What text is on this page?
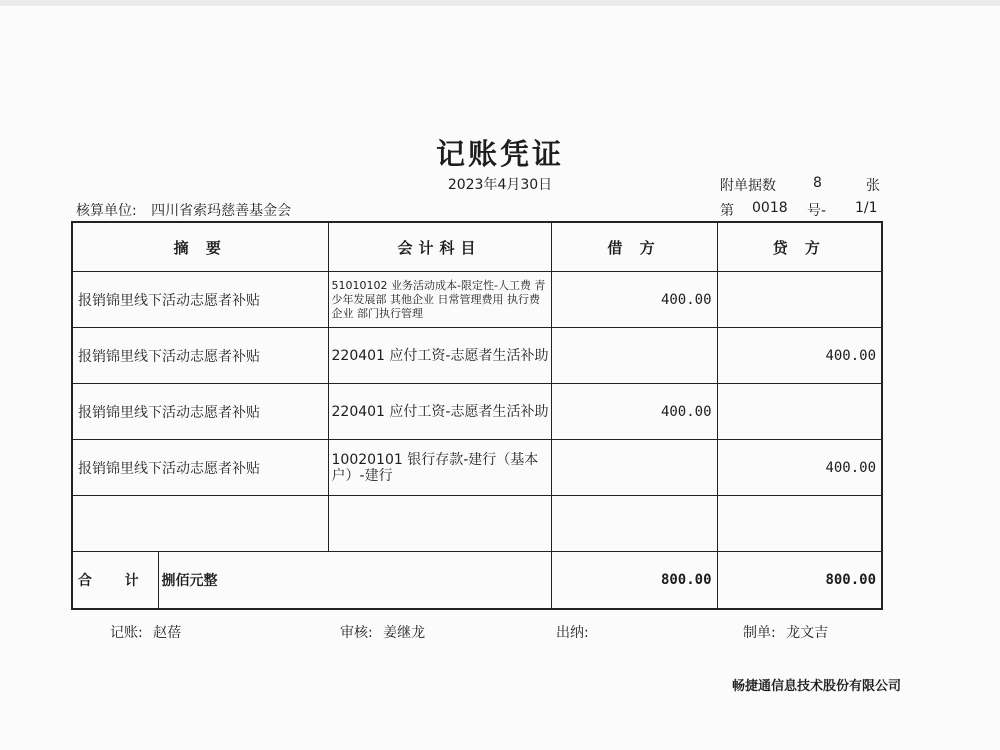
记账凭证
2023年4月30日
核算单位: 四川省索玛慈善基金会
附单据数	8	张
第 0018 号- 1/1
摘 要		会计科目	借 方	贷 方
报销锦里线下活动志愿者补贴		51010102 业务活动成本-限定性-人工费 青少年发展部 其他企业 日常管理费用 执行费 企业 部门执行管理	400.00	
报销锦里线下活动志愿者补贴		220401 应付工资-志愿者生活补助		400.00
报销锦里线下活动志愿者补贴		220401 应付工资-志愿者生活补助	400.00	
报销锦里线下活动志愿者补贴		10020101 银行存款-建行（基本户）-建行		400.00

合 计	捌佰元整		800.00	800.00
记账: 赵蓓	审核: 姜继龙	出纳:	制单: 龙文吉
畅捷通信息技术股份有限公司
